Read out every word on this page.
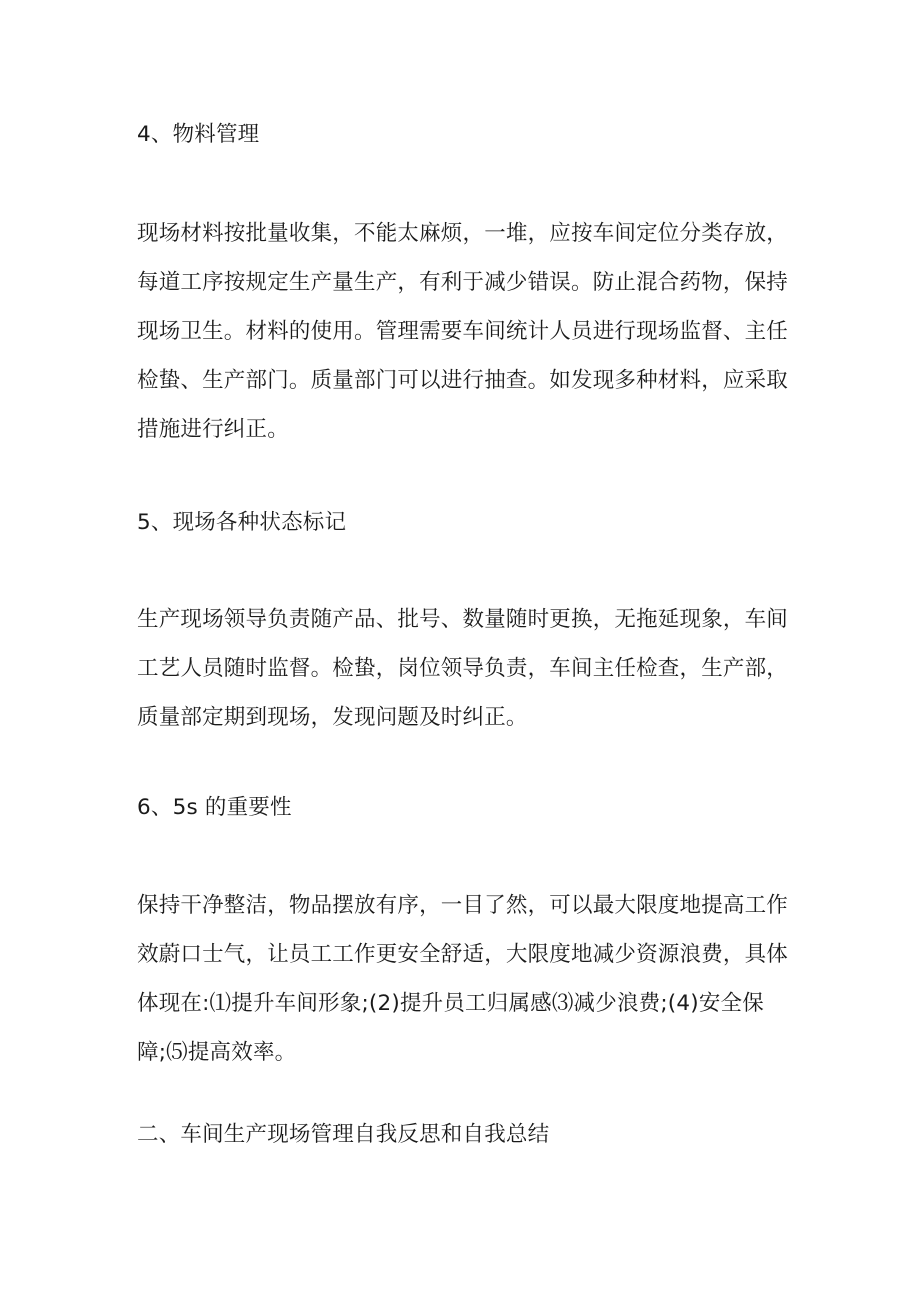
4、物料管理
现场材料按批量收集，不能太麻烦，一堆，应按车间定位分类存放，
每道工序按规定生产量生产，有利于减少错误。防止混合药物，保持
现场卫生。材料的使用。管理需要车间统计人员进行现场监督、主任
检蛰、生产部门。质量部门可以进行抽查。如发现多种材料，应采取
措施进行纠正。
5、现场各种状态标记
生产现场领导负责随产品、批号、数量随时更换，无拖延现象，车间
工艺人员随时监督。检蛰，岗位领导负责，车间主任检查，生产部，
质量部定期到现场，发现问题及时纠正。
6、5s 的重要性
保持干净整洁，物品摆放有序，一目了然，可以最大限度地提高工作
效蔚口士气，让员工工作更安全舒适，大限度地减少资源浪费，具体
体现在:⑴提升车间形象;(2)提升员工归属感⑶减少浪费;(4)安全保
障;⑸提高效率。
二、车间生产现场管理自我反思和自我总结
